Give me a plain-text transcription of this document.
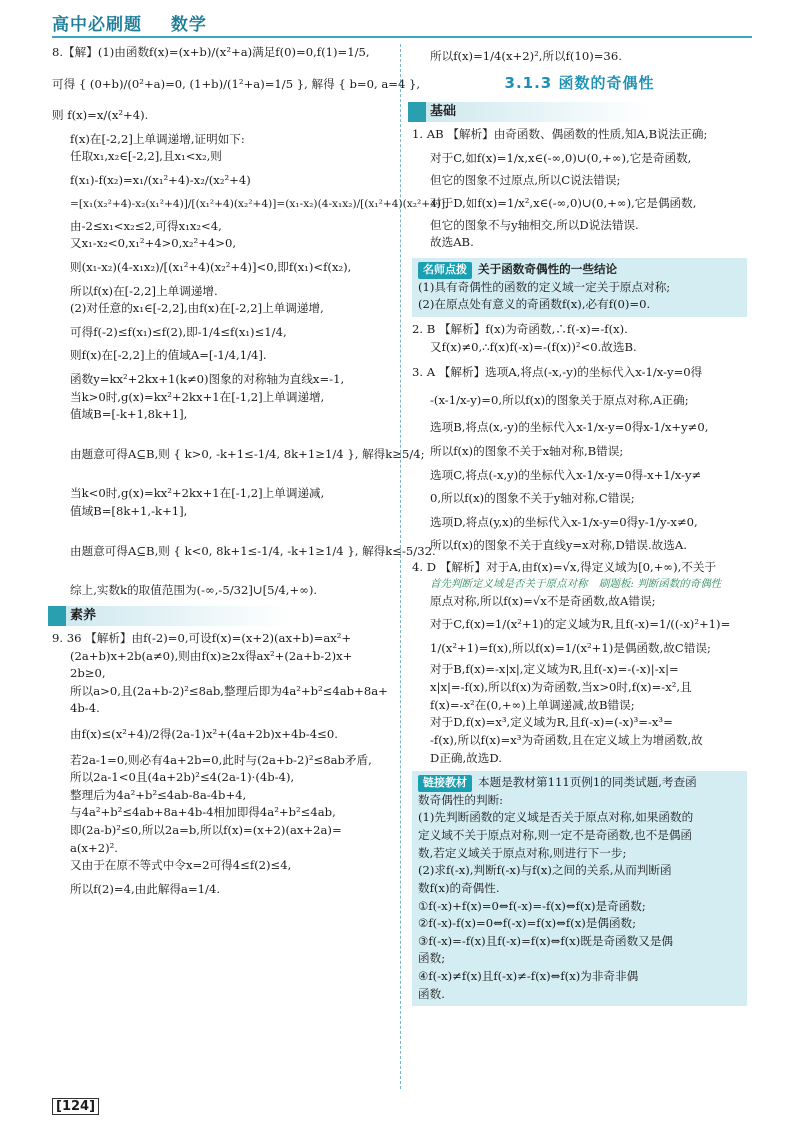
高中必刷题 数学
8.【解】(1)由函数f(x)=(x+b)/(x²+a)满足f(0)=0,f(1)=1/5,
可得 { (0+b)/(0²+a)=0, (1+b)/(1²+a)=1/5 }, 解得 { b=0, a=4 },
则 f(x)=x/(x²+4).
f(x)在[-2,2]上单调递增,证明如下:
任取x₁,x₂∈[-2,2],且x₁<x₂,则
f(x₁)-f(x₂)=x₁/(x₁²+4)-x₂/(x₂²+4)
=[x₁(x₂²+4)-x₂(x₁²+4)]/[(x₁²+4)(x₂²+4)]=(x₁-x₂)(4-x₁x₂)/[(x₁²+4)(x₂²+4)],
由-2≤x₁<x₂≤2,可得x₁x₂<4,
又x₁-x₂<0,x₁²+4>0,x₂²+4>0,
则(x₁-x₂)(4-x₁x₂)/[(x₁²+4)(x₂²+4)]<0,即f(x₁)<f(x₂),
所以f(x)在[-2,2]上单调递增.
(2)对任意的x₁∈[-2,2],由f(x)在[-2,2]上单调递增,
可得f(-2)≤f(x₁)≤f(2),即-1/4≤f(x₁)≤1/4,
则f(x)在[-2,2]上的值域A=[-1/4,1/4].
函数y=kx²+2kx+1(k≠0)图象的对称轴为直线x=-1,
当k>0时,g(x)=kx²+2kx+1在[-1,2]上单调递增,
值域B=[-k+1,8k+1],
由题意可得A⊆B,则 { k>0, -k+1≤-1/4, 8k+1≥1/4 }, 解得k≥5/4;
当k<0时,g(x)=kx²+2kx+1在[-1,2]上单调递减,
值域B=[8k+1,-k+1],
由题意可得A⊆B,则 { k<0, 8k+1≤-1/4, -k+1≥1/4 }, 解得k≤-5/32.
综上,实数k的取值范围为(-∞,-5/32]∪[5/4,+∞).
素养
9. 36 【解析】由f(-2)=0,可设f(x)=(x+2)(ax+b)=ax²+
(2a+b)x+2b(a≠0),则由f(x)≥2x得ax²+(2a+b-2)x+
2b≥0,
所以a>0,且(2a+b-2)²≤8ab,整理后即为4a²+b²≤4ab+8a+
4b-4.
由f(x)≤(x²+4)/2得(2a-1)x²+(4a+2b)x+4b-4≤0.
若2a-1=0,则必有4a+2b=0,此时与(2a+b-2)²≤8ab矛盾,
所以2a-1<0且(4a+2b)²≤4(2a-1)·(4b-4),
整理后为4a²+b²≤4ab-8a-4b+4,
与4a²+b²≤4ab+8a+4b-4相加即得4a²+b²≤4ab,
即(2a-b)²≤0,所以2a=b,所以f(x)=(x+2)(ax+2a)=
a(x+2)².
又由于在原不等式中令x=2可得4≤f(2)≤4,
所以f(2)=4,由此解得a=1/4.
所以f(x)=1/4(x+2)²,所以f(10)=36.
3.1.3 函数的奇偶性
基础
1. AB 【解析】由奇函数、偶函数的性质,知A,B说法正确;
对于C,如f(x)=1/x,x∈(-∞,0)∪(0,+∞),它是奇函数,
但它的图象不过原点,所以C说法错误;
对于D,如f(x)=1/x²,x∈(-∞,0)∪(0,+∞),它是偶函数,
但它的图象不与y轴相交,所以D说法错误.
故选AB.
名师点拨 关于函数奇偶性的一些结论
(1)具有奇偶性的函数的定义域一定关于原点对称;
(2)在原点处有意义的奇函数f(x),必有f(0)=0.
2. B 【解析】f(x)为奇函数,∴f(-x)=-f(x).
又f(x)≠0,∴f(x)f(-x)=-(f(x))²<0.故选B.
3. A 【解析】选项A,将点(-x,-y)的坐标代入x-1/x-y=0得
-(x-1/x-y)=0,所以f(x)的图象关于原点对称,A正确;
选项B,将点(x,-y)的坐标代入x-1/x-y=0得x-1/x+y≠0,
所以f(x)的图象不关于x轴对称,B错误;
选项C,将点(-x,y)的坐标代入x-1/x-y=0得-x+1/x-y≠
0,所以f(x)的图象不关于y轴对称,C错误;
选项D,将点(y,x)的坐标代入x-1/x-y=0得y-1/y-x≠0,
所以f(x)的图象不关于直线y=x对称,D错误.故选A.
4. D 【解析】对于A,由f(x)=√x,得定义域为[0,+∞),不关于
首先判断定义域是否关于原点对称 刷题板: 判断函数的奇偶性
原点对称,所以f(x)=√x不是奇函数,故A错误;
对于C,f(x)=1/(x²+1)的定义域为R,且f(-x)=1/((-x)²+1)=
1/(x²+1)=f(x),所以f(x)=1/(x²+1)是偶函数,故C错误;
对于B,f(x)=-x|x|,定义域为R,且f(-x)=-(-x)|-x|=
x|x|=-f(x),所以f(x)为奇函数,当x>0时,f(x)=-x²,且
f(x)=-x²在(0,+∞)上单调递减,故B错误;
对于D,f(x)=x³,定义域为R,且f(-x)=(-x)³=-x³=
-f(x),所以f(x)=x³为奇函数,且在定义域上为增函数,故
D正确,故选D.
链接教材 本题是教材第111页例1的同类试题,考查函
数奇偶性的判断:
(1)先判断函数的定义域是否关于原点对称,如果函数的
定义域不关于原点对称,则一定不是奇函数,也不是偶函
数,若定义域关于原点对称,则进行下一步;
(2)求f(-x),判断f(-x)与f(x)之间的关系,从而判断函
数f(x)的奇偶性.
①f(-x)+f(x)=0⇔f(-x)=-f(x)⇔f(x)是奇函数;
②f(-x)-f(x)=0⇔f(-x)=f(x)⇔f(x)是偶函数;
③f(-x)=-f(x)且f(-x)=f(x)⇔f(x)既是奇函数又是偶
函数;
④f(-x)≠f(x)且f(-x)≠-f(x)⇔f(x)为非奇非偶
函数.
[124]
